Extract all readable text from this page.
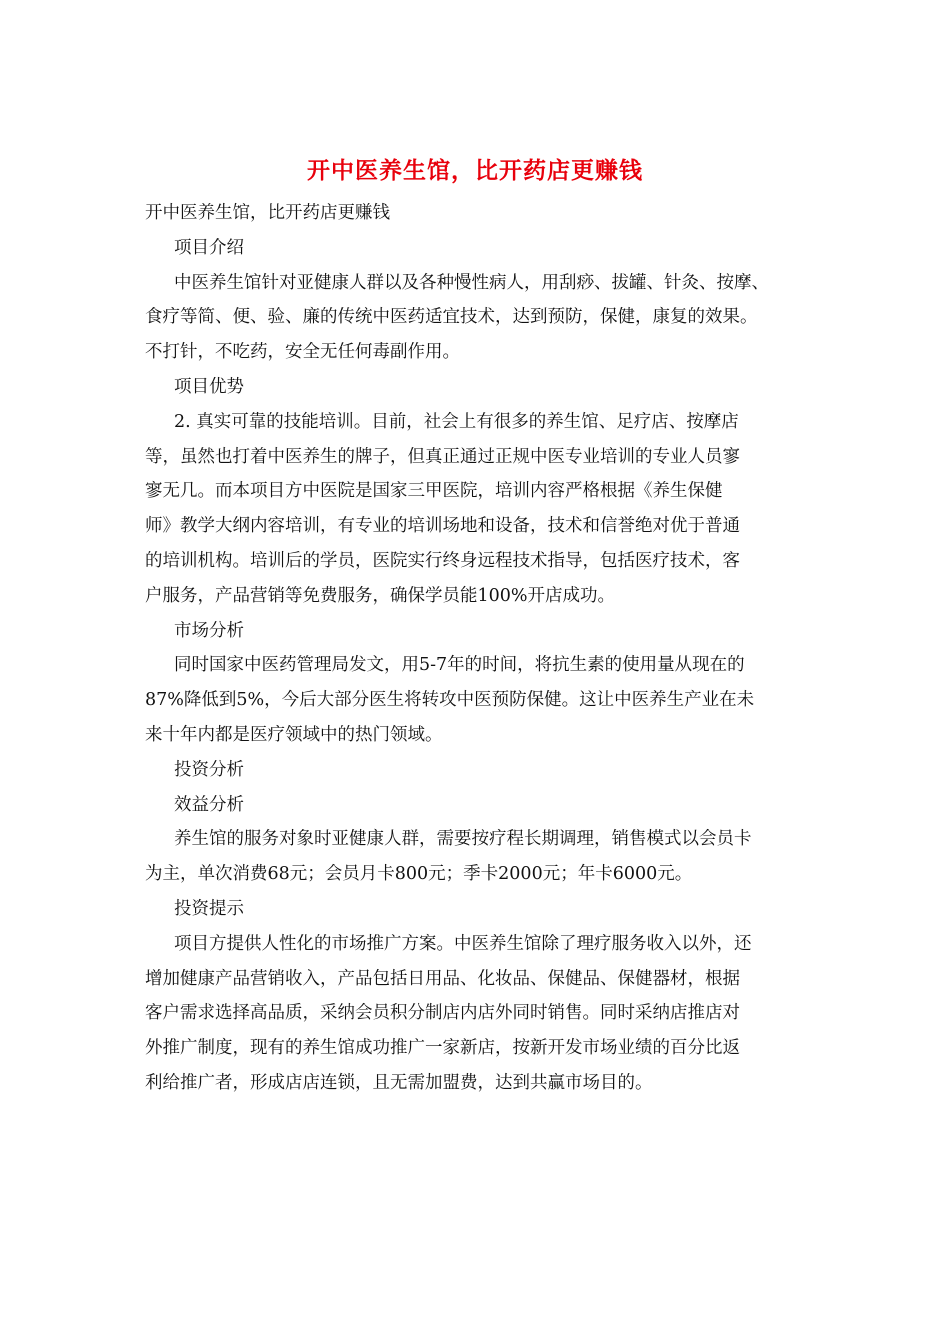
开中医养生馆，比开药店更赚钱
开中医养生馆，比开药店更赚钱
项目介绍
中医养生馆针对亚健康人群以及各种慢性病人，用刮痧、拔罐、针灸、按摩、
食疗等简、便、验、廉的传统中医药适宜技术，达到预防，保健，康复的效果。
不打针，不吃药，安全无任何毒副作用。
项目优势
2. 真实可靠的技能培训。目前，社会上有很多的养生馆、足疗店、按摩店
等，虽然也打着中医养生的牌子，但真正通过正规中医专业培训的专业人员寥
寥无几。而本项目方中医院是国家三甲医院，培训内容严格根据《养生保健
师》教学大纲内容培训，有专业的培训场地和设备，技术和信誉绝对优于普通
的培训机构。培训后的学员，医院实行终身远程技术指导，包括医疗技术，客
户服务，产品营销等免费服务，确保学员能100%开店成功。
市场分析
同时国家中医药管理局发文，用5-7年的时间，将抗生素的使用量从现在的
87%降低到5%，今后大部分医生将转攻中医预防保健。这让中医养生产业在未
来十年内都是医疗领域中的热门领域。
投资分析
效益分析
养生馆的服务对象时亚健康人群，需要按疗程长期调理，销售模式以会员卡
为主，单次消费68元；会员月卡800元；季卡2000元；年卡6000元。
投资提示
项目方提供人性化的市场推广方案。中医养生馆除了理疗服务收入以外，还
增加健康产品营销收入，产品包括日用品、化妆品、保健品、保健器材，根据
客户需求选择高品质，采纳会员积分制店内店外同时销售。同时采纳店推店对
外推广制度，现有的养生馆成功推广一家新店，按新开发市场业绩的百分比返
利给推广者，形成店店连锁，且无需加盟费，达到共赢市场目的。
